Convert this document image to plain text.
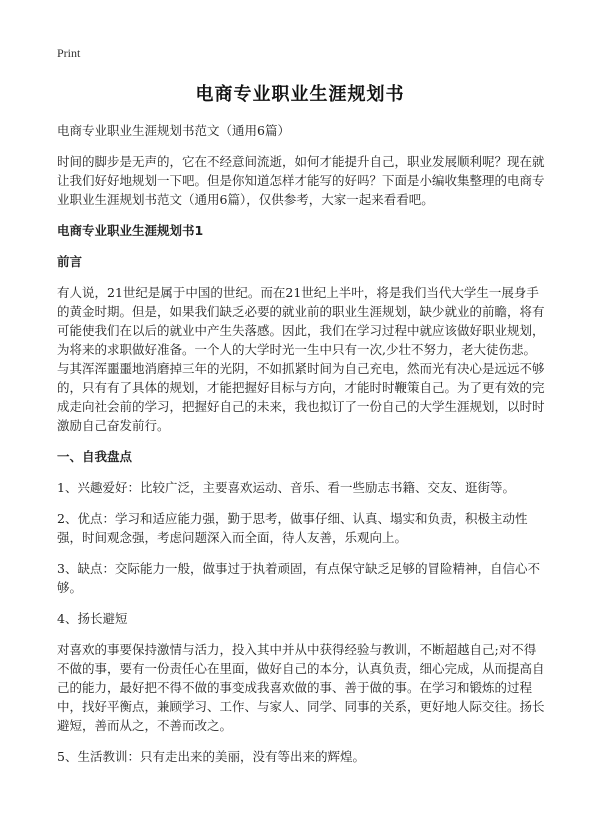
Print
电商专业职业生涯规划书

电商专业职业生涯规划书范文（通用6篇）

时间的脚步是无声的，它在不经意间流逝，如何才能提升自己，职业发展顺利呢？现在就让我们好好地规划一下吧。但是你知道怎样才能写的好吗？下面是小编收集整理的电商专业职业生涯规划书范文（通用6篇），仅供参考，大家一起来看看吧。

电商专业职业生涯规划书1

前言

有人说，21世纪是属于中国的世纪。而在21世纪上半叶，将是我们当代大学生一展身手的黄金时期。但是，如果我们缺乏必要的就业前的职业生涯规划，缺少就业的前瞻，将有可能使我们在以后的就业中产生失落感。因此，我们在学习过程中就应该做好职业规划，为将来的求职做好准备。一个人的大学时光一生中只有一次,少壮不努力，老大徒伤悲。与其浑浑噩噩地消磨掉三年的光阴，不如抓紧时间为自己充电，然而光有决心是远远不够的，只有有了具体的规划，才能把握好目标与方向，才能时时鞭策自己。为了更有效的完成走向社会前的学习，把握好自己的未来，我也拟订了一份自己的大学生涯规划，以时时激励自己奋发前行。

一、自我盘点

1、兴趣爱好：比较广泛，主要喜欢运动、音乐、看一些励志书籍、交友、逛街等。

2、优点：学习和适应能力强，勤于思考，做事仔细、认真、塌实和负责，积极主动性强，时间观念强，考虑问题深入而全面，待人友善，乐观向上。

3、缺点：交际能力一般，做事过于执着顽固，有点保守缺乏足够的冒险精神，自信心不够。

4、扬长避短

对喜欢的事要保持激情与活力，投入其中并从中获得经验与教训，不断超越自己;对不得不做的事，要有一份责任心在里面，做好自己的本分，认真负责，细心完成，从而提高自己的能力，最好把不得不做的事变成我喜欢做的事、善于做的事。在学习和锻炼的过程中，找好平衡点，兼顾学习、工作、与家人、同学、同事的关系，更好地人际交往。扬长避短，善而从之，不善而改之。

5、生活教训：只有走出来的美丽，没有等出来的辉煌。
